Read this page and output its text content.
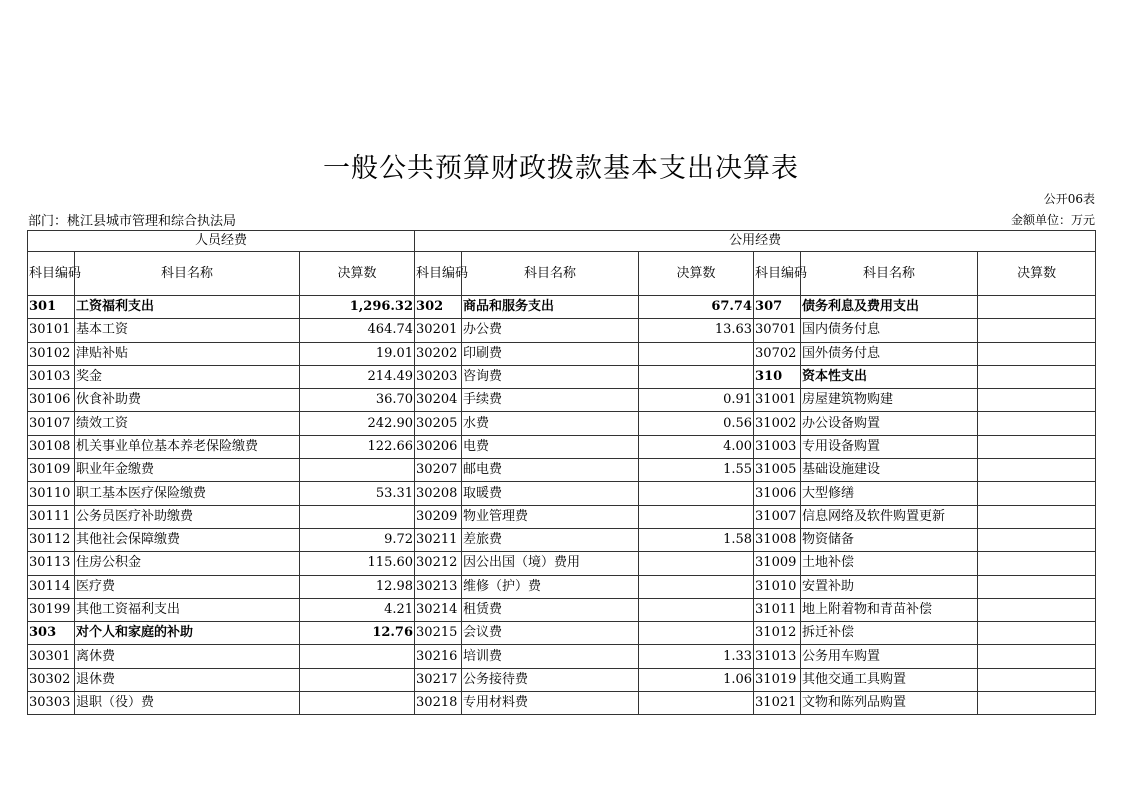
一般公共预算财政拨款基本支出决算表
公开06表
部门：桃江县城市管理和综合执法局	金额单位：万元
人员经费			公用经费					
科目编码	科目名称	决算数	科目编码	科目名称	决算数	科目编码	科目名称	决算数
301	工资福利支出	1,296.32	302	商品和服务支出	67.74	307	债务利息及费用支出	
30101	基本工资	464.74	30201	办公费	13.63	30701	国内债务付息	
30102	津贴补贴	19.01	30202	印刷费		30702	国外债务付息	
30103	奖金	214.49	30203	咨询费		310	资本性支出	
30106	伙食补助费	36.70	30204	手续费	0.91	31001	房屋建筑物购建	
30107	绩效工资	242.90	30205	水费	0.56	31002	办公设备购置	
30108	机关事业单位基本养老保险缴费	122.66	30206	电费	4.00	31003	专用设备购置	
30109	职业年金缴费		30207	邮电费	1.55	31005	基础设施建设	
30110	职工基本医疗保险缴费	53.31	30208	取暖费		31006	大型修缮	
30111	公务员医疗补助缴费		30209	物业管理费		31007	信息网络及软件购置更新	
30112	其他社会保障缴费	9.72	30211	差旅费	1.58	31008	物资储备	
30113	住房公积金	115.60	30212	因公出国（境）费用		31009	土地补偿	
30114	医疗费	12.98	30213	维修（护）费		31010	安置补助	
30199	其他工资福利支出	4.21	30214	租赁费		31011	地上附着物和青苗补偿	
303	对个人和家庭的补助	12.76	30215	会议费		31012	拆迁补偿	
30301	离休费		30216	培训费	1.33	31013	公务用车购置	
30302	退休费		30217	公务接待费	1.06	31019	其他交通工具购置	
30303	退职（役）费		30218	专用材料费		31021	文物和陈列品购置	
